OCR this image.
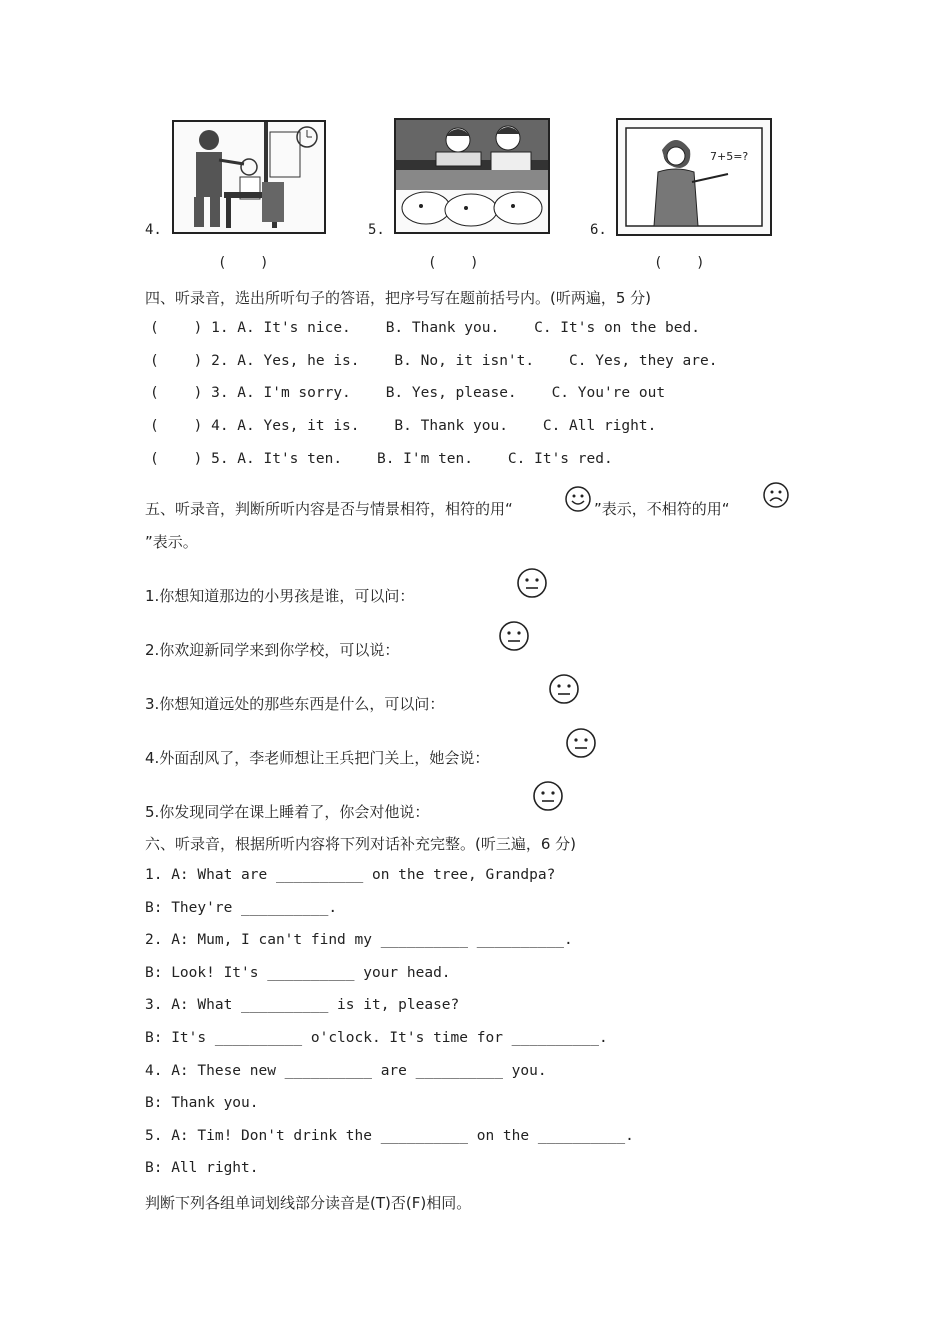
4.	5.	6.
7+5=?
(    )	(    )	(    )
四、听录音，选出所听句子的答语，把序号写在题前括号内。(听两遍，5 分)
(    ) 1. A. It's nice.    B. Thank you.    C. It's on the bed.
(    ) 2. A. Yes, he is.    B. No, it isn't.    C. Yes, they are.
(    ) 3. A. I'm sorry.    B. Yes, please.    C. You're out
(    ) 4. A. Yes, it is.    B. Thank you.    C. All right.
(    ) 5. A. It's ten.    B. I'm ten.    C. It's red.
五、听录音，判断所听内容是否与情景相符，相符的用“	”表示，不相符的用“
”表示。
1.你想知道那边的小男孩是谁，可以问：
2.你欢迎新同学来到你学校，可以说：
3.你想知道远处的那些东西是什么，可以问：
4.外面刮风了，李老师想让王兵把门关上，她会说：
5.你发现同学在课上睡着了，你会对他说：
六、听录音，根据所听内容将下列对话补充完整。(听三遍，6 分)
1. A: What are __________ on the tree, Grandpa?
B: They're __________.
2. A: Mum, I can't find my __________ __________.
B: Look! It's __________ your head.
3. A: What __________ is it, please?
B: It's __________ o'clock. It's time for __________.
4. A: These new __________ are __________ you.
B: Thank you.
5. A: Tim! Don't drink the __________ on the __________.
B: All right.
判断下列各组单词划线部分读音是(T)否(F)相同。
